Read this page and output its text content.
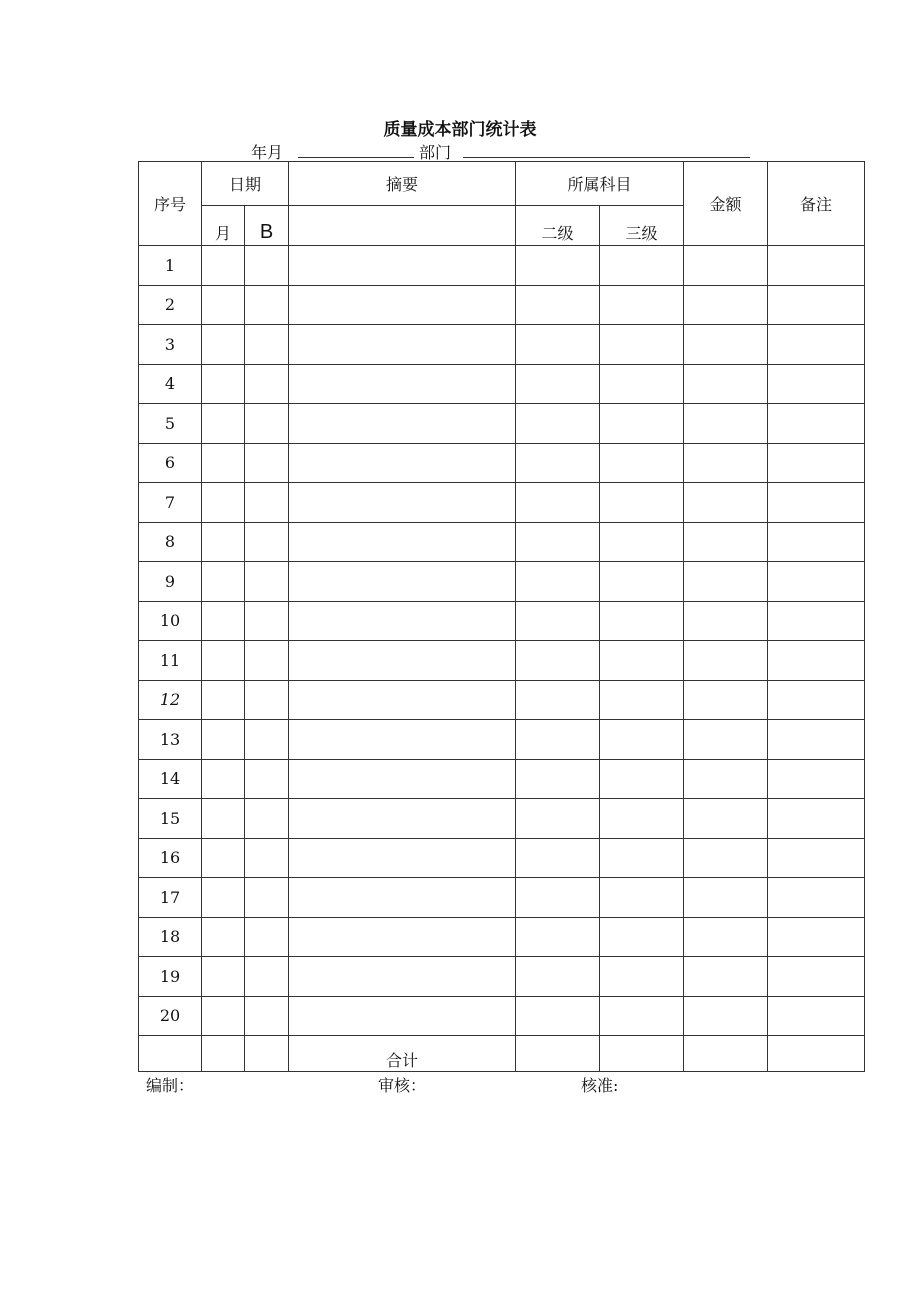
质量成本部门统计表
年月	部门
序号	日期		摘要	所属科目		金额	备注
	月	B		二级	三级		
1							
2							
3							
4							
5							
6							
7							
8							
9							
10							
11							
12							
13							
14							
15							
16							
17							
18							
19							
20							
			合计				
编制：	审核：	核准:
